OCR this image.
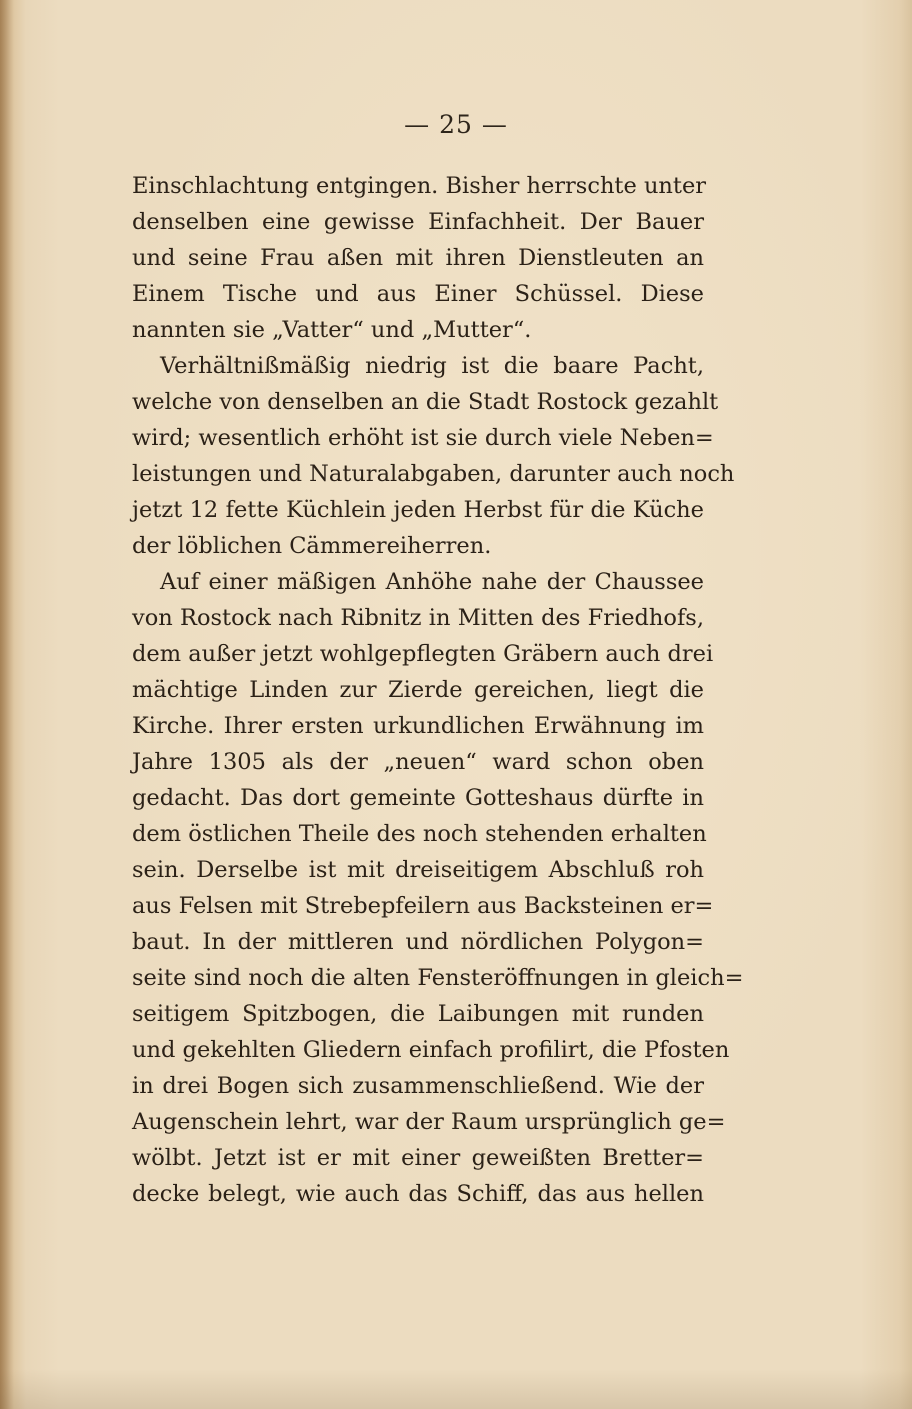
— 25 —
Einschlachtung entgingen. Bisher herrschte unter
denselben eine gewisse Einfachheit. Der Bauer
und seine Frau aßen mit ihren Dienstleuten an
Einem Tische und aus Einer Schüssel. Diese
nannten sie „Vatter“ und „Mutter“.
Verhältnißmäßig niedrig ist die baare Pacht,
welche von denselben an die Stadt Rostock gezahlt
wird; wesentlich erhöht ist sie durch viele Neben=
leistungen und Naturalabgaben, darunter auch noch
jetzt 12 fette Küchlein jeden Herbst für die Küche
der löblichen Cämmereiherren.
Auf einer mäßigen Anhöhe nahe der Chaussee
von Rostock nach Ribnitz in Mitten des Friedhofs,
dem außer jetzt wohlgepflegten Gräbern auch drei
mächtige Linden zur Zierde gereichen, liegt die
Kirche. Ihrer ersten urkundlichen Erwähnung im
Jahre 1305 als der „neuen“ ward schon oben
gedacht. Das dort gemeinte Gotteshaus dürfte in
dem östlichen Theile des noch stehenden erhalten
sein. Derselbe ist mit dreiseitigem Abschluß roh
aus Felsen mit Strebepfeilern aus Backsteinen er=
baut. In der mittleren und nördlichen Polygon=
seite sind noch die alten Fensteröffnungen in gleich=
seitigem Spitzbogen, die Laibungen mit runden
und gekehlten Gliedern einfach profilirt, die Pfosten
in drei Bogen sich zusammenschließend. Wie der
Augenschein lehrt, war der Raum ursprünglich ge=
wölbt. Jetzt ist er mit einer geweißten Bretter=
decke belegt, wie auch das Schiff, das aus hellen
